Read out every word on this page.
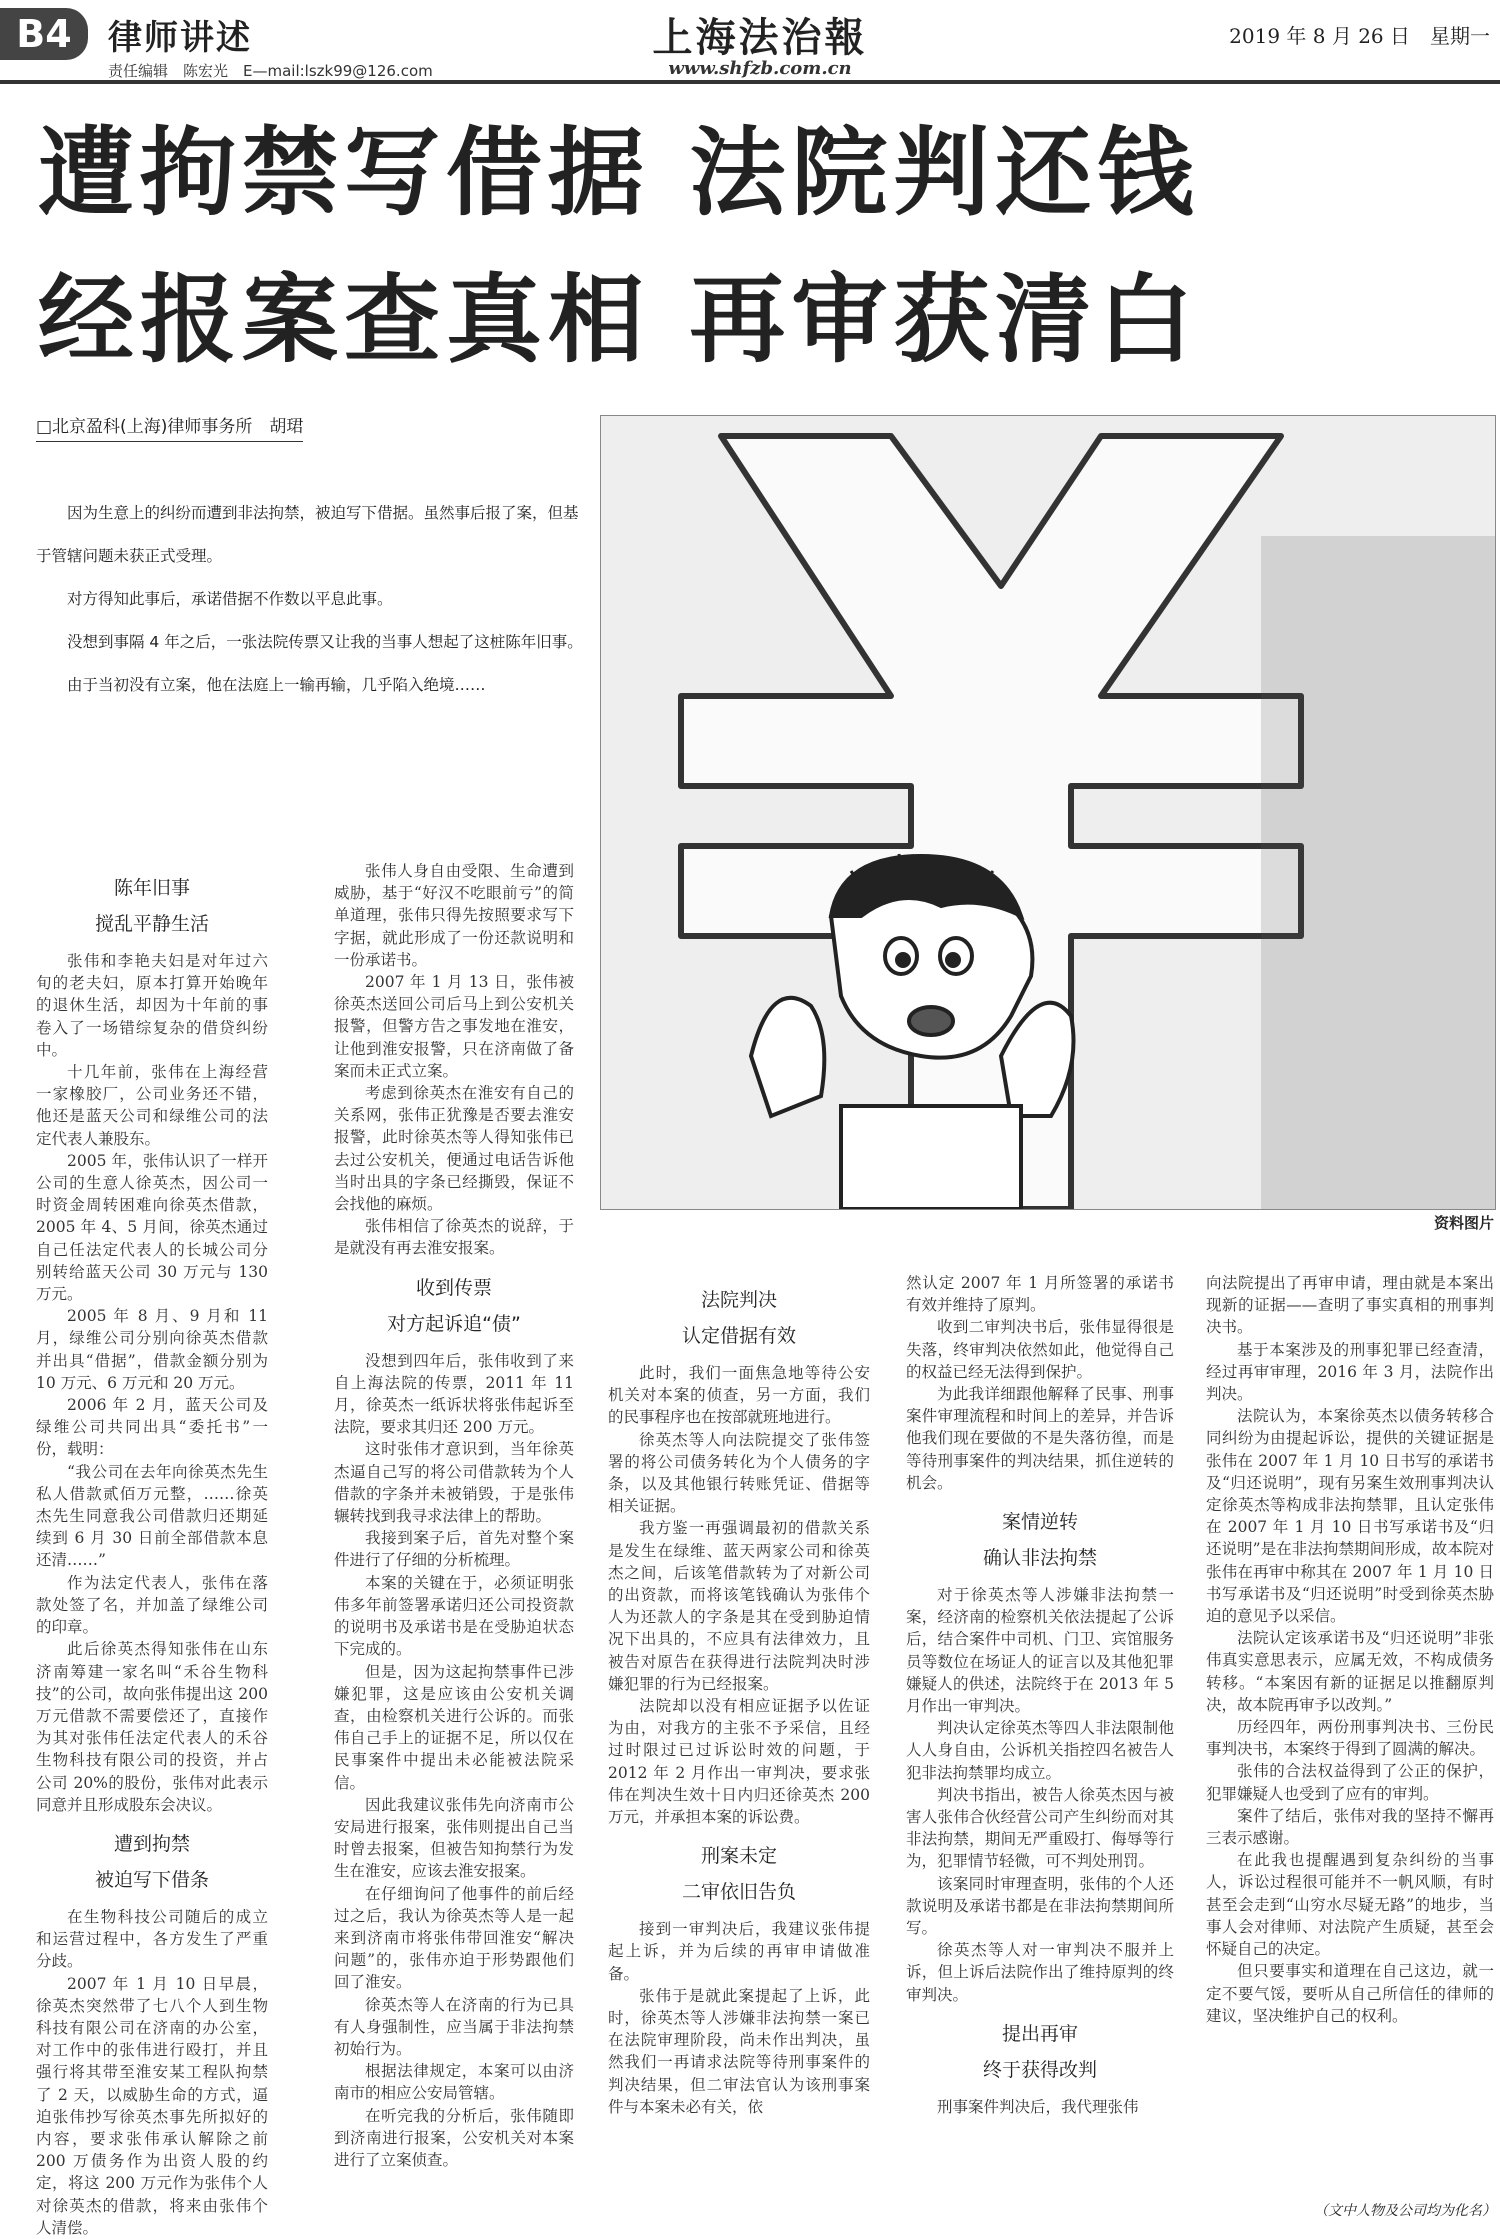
B4	律师讲述
责任编辑　陈宏光　E—mail:lszk99@126.com
上海法治報
www.shfzb.com.cn
2019 年 8 月 26 日　星期一
遭拘禁写借据 法院判还钱
经报案查真相 再审获清白
□北京盈科(上海)律师事务所　胡珺

因为生意上的纠纷而遭到非法拘禁，被迫写下借据。虽然事后报了案，但基于管辖问题未获正式受理。

对方得知此事后，承诺借据不作数以平息此事。

没想到事隔 4 年之后，一张法院传票又让我的当事人想起了这桩陈年旧事。

由于当初没有立案，他在法庭上一输再输，几乎陷入绝境……

资料图片
陈年旧事
搅乱平静生活

张伟和李艳夫妇是对年过六旬的老夫妇，原本打算开始晚年的退休生活，却因为十年前的事卷入了一场错综复杂的借贷纠纷中。

十几年前，张伟在上海经营一家橡胶厂，公司业务还不错，他还是蓝天公司和绿维公司的法定代表人兼股东。

2005 年，张伟认识了一样开公司的生意人徐英杰，因公司一时资金周转困难向徐英杰借款，2005 年 4、5 月间，徐英杰通过自己任法定代表人的长城公司分别转给蓝天公司 30 万元与 130 万元。

2005 年 8 月、9 月和 11 月，绿维公司分别向徐英杰借款并出具“借据”，借款金额分别为 10 万元、6 万元和 20 万元。

2006 年 2 月，蓝天公司及绿维公司共同出具“委托书”一份，载明：

“我公司在去年向徐英杰先生私人借款贰佰万元整，……徐英杰先生同意我公司借款归还期延续到 6 月 30 日前全部借款本息还清……”

作为法定代表人，张伟在落款处签了名，并加盖了绿维公司的印章。

此后徐英杰得知张伟在山东济南筹建一家名叫“禾谷生物科技”的公司，故向张伟提出这 200 万元借款不需要偿还了，直接作为其对张伟任法定代表人的禾谷生物科技有限公司的投资，并占公司 20%的股份，张伟对此表示同意并且形成股东会决议。

遭到拘禁
被迫写下借条

在生物科技公司随后的成立和运营过程中，各方发生了严重分歧。

2007 年 1 月 10 日早晨，徐英杰突然带了七八个人到生物科技有限公司在济南的办公室，对工作中的张伟进行殴打，并且强行将其带至淮安某工程队拘禁了 2 天，以威胁生命的方式，逼迫张伟抄写徐英杰事先所拟好的内容，要求张伟承认解除之前 200 万债务作为出资人股的约定，将这 200 万元作为张伟个人对徐英杰的借款，将来由张伟个人清偿。

张伟人身自由受限、生命遭到威胁，基于“好汉不吃眼前亏”的简单道理，张伟只得先按照要求写下字据，就此形成了一份还款说明和一份承诺书。

2007 年 1 月 13 日，张伟被徐英杰送回公司后马上到公安机关报警，但警方告之事发地在淮安，让他到淮安报警，只在济南做了备案而未正式立案。

考虑到徐英杰在淮安有自己的关系网，张伟正犹豫是否要去淮安报警，此时徐英杰等人得知张伟已去过公安机关，便通过电话告诉他当时出具的字条已经撕毁，保证不会找他的麻烦。

张伟相信了徐英杰的说辞，于是就没有再去淮安报案。

收到传票
对方起诉追“债”

没想到四年后，张伟收到了来自上海法院的传票，2011 年 11 月，徐英杰一纸诉状将张伟起诉至法院，要求其归还 200 万元。

这时张伟才意识到，当年徐英杰逼自己写的将公司借款转为个人借款的字条并未被销毁，于是张伟辗转找到我寻求法律上的帮助。

我接到案子后，首先对整个案件进行了仔细的分析梳理。

本案的关键在于，必须证明张伟多年前签署承诺归还公司投资款的说明书及承诺书是在受胁迫状态下完成的。

但是，因为这起拘禁事件已涉嫌犯罪，这是应该由公安机关调查，由检察机关进行公诉的。而张伟自己手上的证据不足，所以仅在民事案件中提出未必能被法院采信。

因此我建议张伟先向济南市公安局进行报案，张伟则提出自己当时曾去报案，但被告知拘禁行为发生在淮安，应该去淮安报案。

在仔细询问了他事件的前后经过之后，我认为徐英杰等人是一起来到济南市将张伟带回淮安“解决问题”的，张伟亦迫于形势跟他们回了淮安。

徐英杰等人在济南的行为已具有人身强制性，应当属于非法拘禁初始行为。

根据法律规定，本案可以由济南市的相应公安局管辖。

在听完我的分析后，张伟随即到济南进行报案，公安机关对本案进行了立案侦查。

法院判决
认定借据有效

此时，我们一面焦急地等待公安机关对本案的侦查，另一方面，我们的民事程序也在按部就班地进行。

徐英杰等人向法院提交了张伟签署的将公司债务转化为个人债务的字条，以及其他银行转账凭证、借据等相关证据。

我方鉴一再强调最初的借款关系是发生在绿维、蓝天两家公司和徐英杰之间，后该笔借款转为了对新公司的出资款，而将该笔钱确认为张伟个人为还款人的字条是其在受到胁迫情况下出具的，不应具有法律效力，且被告对原告在获得进行法院判决时涉嫌犯罪的行为已经报案。

法院却以没有相应证据予以佐证为由，对我方的主张不予采信，且经过时限过已过诉讼时效的问题，于 2012 年 2 月作出一审判决，要求张伟在判决生效十日内归还徐英杰 200 万元，并承担本案的诉讼费。

刑案未定
二审依旧告负

接到一审判决后，我建议张伟提起上诉，并为后续的再审申请做准备。

张伟于是就此案提起了上诉，此时，徐英杰等人涉嫌非法拘禁一案已在法院审理阶段，尚未作出判决，虽然我们一再请求法院等待刑事案件的判决结果，但二审法官认为该刑事案件与本案未必有关，依

然认定 2007 年 1 月所签署的承诺书有效并维持了原判。

收到二审判决书后，张伟显得很是失落，终审判决依然如此，他觉得自己的权益已经无法得到保护。

为此我详细跟他解释了民事、刑事案件审理流程和时间上的差异，并告诉他我们现在要做的不是失落彷徨，而是等待刑事案件的判决结果，抓住逆转的机会。

案情逆转
确认非法拘禁

对于徐英杰等人涉嫌非法拘禁一案，经济南的检察机关依法提起了公诉后，结合案件中司机、门卫、宾馆服务员等数位在场证人的证言以及其他犯罪嫌疑人的供述，法院终于在 2013 年 5 月作出一审判决。

判决认定徐英杰等四人非法限制他人人身自由，公诉机关指控四名被告人犯非法拘禁罪均成立。

判决书指出，被告人徐英杰因与被害人张伟合伙经营公司产生纠纷而对其非法拘禁，期间无严重殴打、侮辱等行为，犯罪情节轻微，可不判处刑罚。

该案同时审理查明，张伟的个人还款说明及承诺书都是在非法拘禁期间所写。

徐英杰等人对一审判决不服并上诉，但上诉后法院作出了维持原判的终审判决。

提出再审
终于获得改判

刑事案件判决后，我代理张伟

向法院提出了再审申请，理由就是本案出现新的证据——查明了事实真相的刑事判决书。

基于本案涉及的刑事犯罪已经查清，经过再审审理，2016 年 3 月，法院作出判决。

法院认为，本案徐英杰以债务转移合同纠纷为由提起诉讼，提供的关键证据是张伟在 2007 年 1 月 10 日书写的承诺书及“归还说明”，现有另案生效刑事判决认定徐英杰等构成非法拘禁罪，且认定张伟在 2007 年 1 月 10 日书写承诺书及“归还说明”是在非法拘禁期间形成，故本院对张伟在再审中称其在 2007 年 1 月 10 日书写承诺书及“归还说明”时受到徐英杰胁迫的意见予以采信。

法院认定该承诺书及“归还说明”非张伟真实意思表示，应属无效，不构成债务转移。“本案因有新的证据足以推翻原判决，故本院再审予以改判。”

历经四年，两份刑事判决书、三份民事判决书，本案终于得到了圆满的解决。

张伟的合法权益得到了公正的保护，犯罪嫌疑人也受到了应有的审判。

案件了结后，张伟对我的坚持不懈再三表示感谢。

在此我也提醒遇到复杂纠纷的当事人，诉讼过程很可能并不一帆风顺，有时甚至会走到“山穷水尽疑无路”的地步，当事人会对律师、对法院产生质疑，甚至会怀疑自己的决定。

但只要事实和道理在自己这边，就一定不要气馁，要听从自己所信任的律师的建议，坚决维护自己的权利。

（文中人物及公司均为化名）
